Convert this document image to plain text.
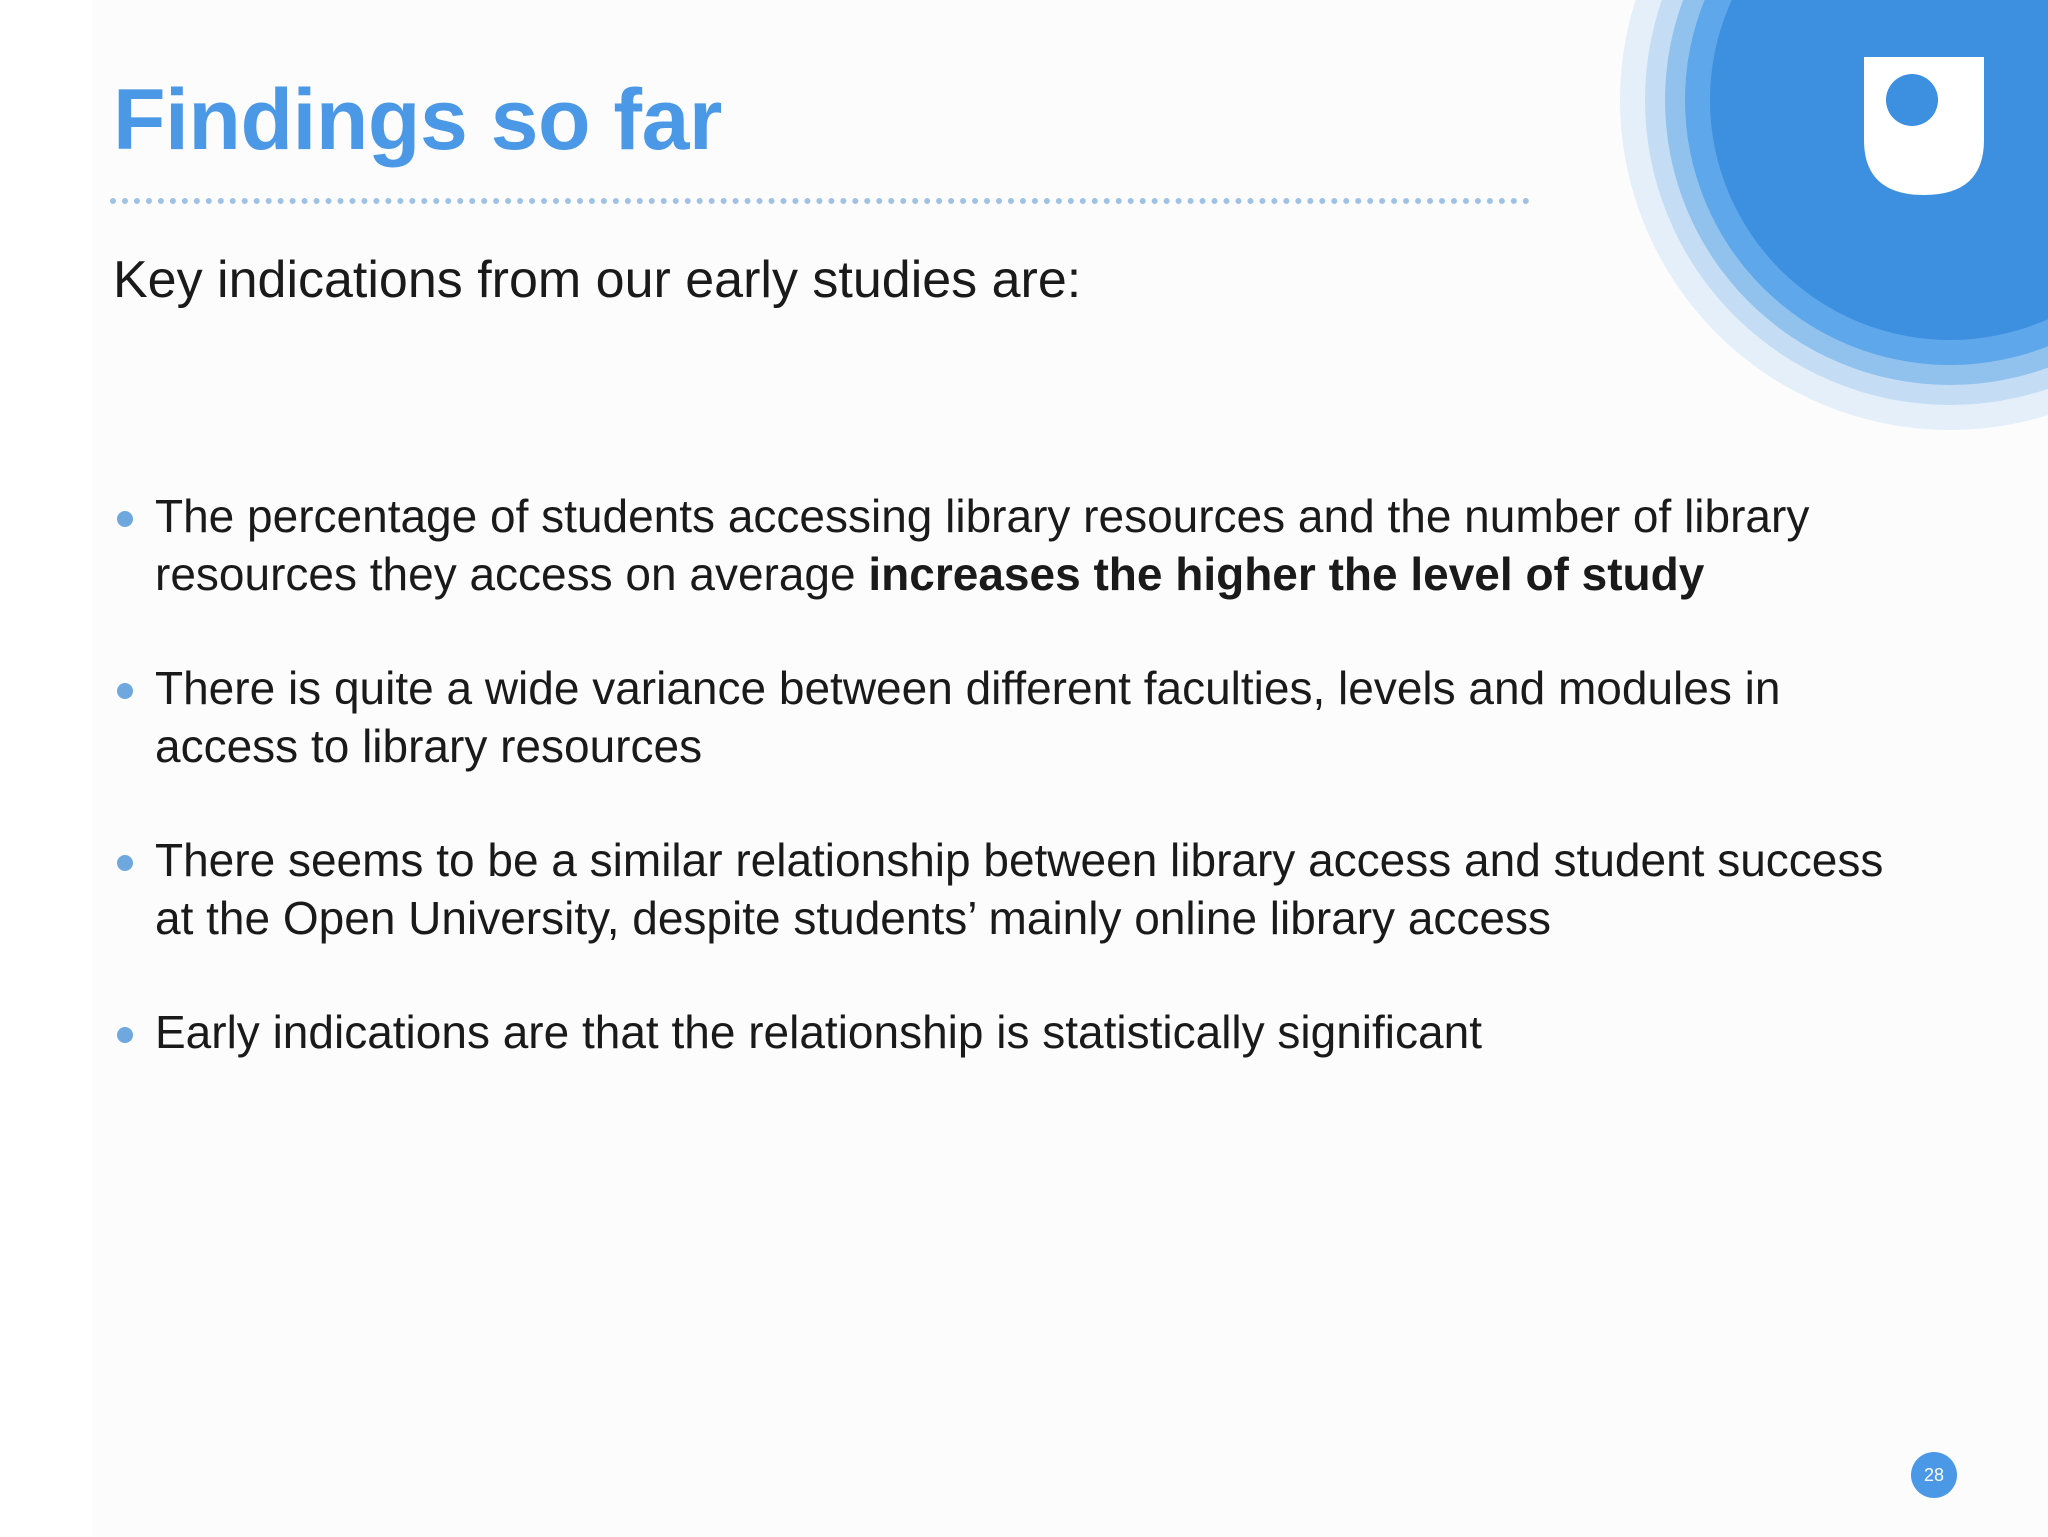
Findings so far

Key indications from our early studies are:

The percentage of students accessing library resources and the number of library resources they access on average increases the higher the level of study
There is quite a wide variance between different faculties, levels and modules in access to library resources
There seems to be a similar relationship between library access and student success at the Open University, despite students’ mainly online library access
Early indications are that the relationship is statistically significant
28
